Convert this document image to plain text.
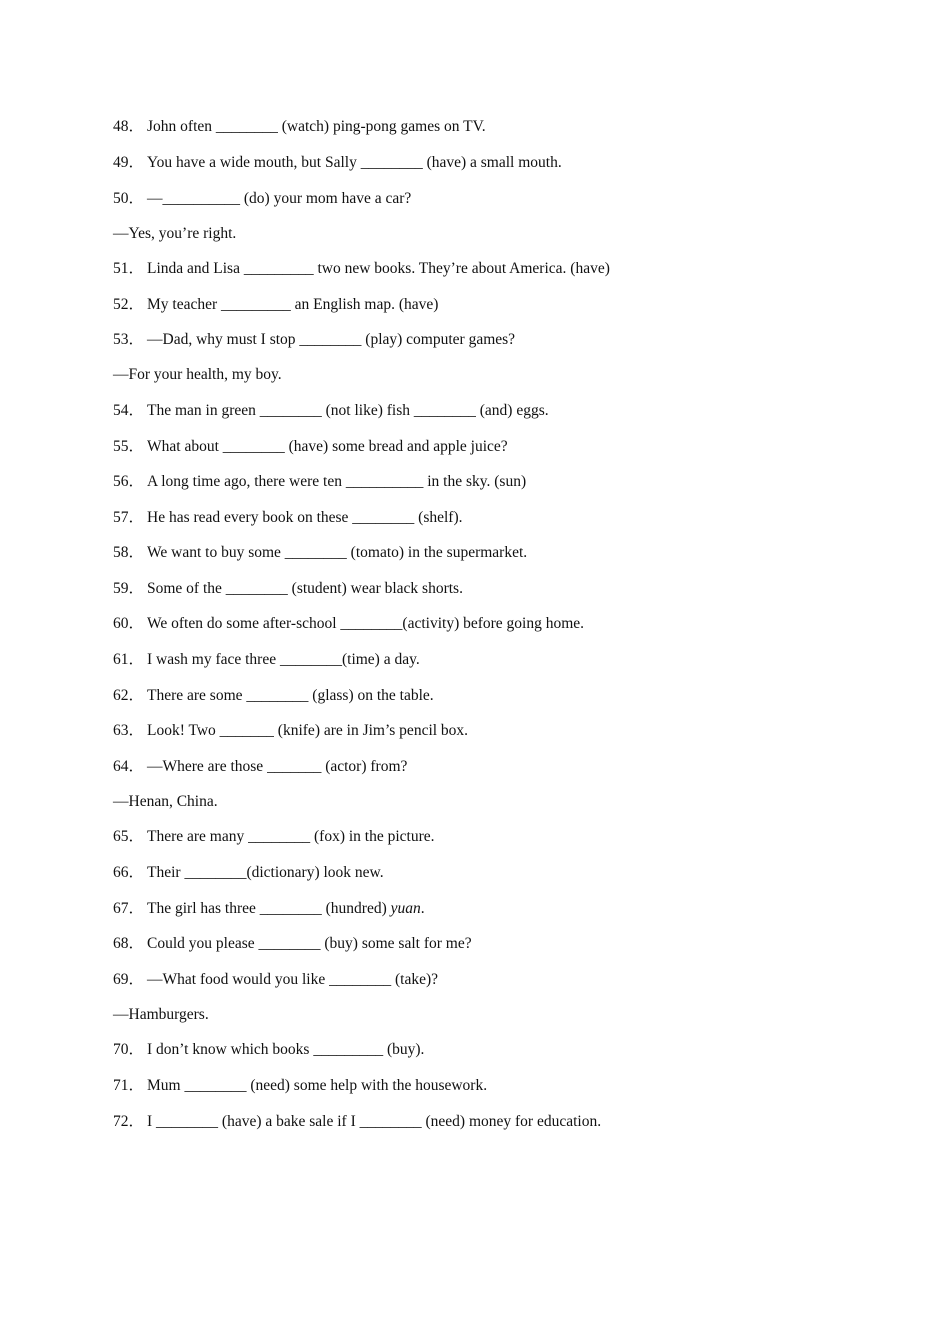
48． John often ________ (watch) ping-pong games on TV.
49． You have a wide mouth, but Sally ________ (have) a small mouth.
50． —__________ (do) your mom have a car?
—Yes, you’re right.
51． Linda and Lisa _________ two new books. They’re about America. (have)
52． My teacher _________ an English map. (have)
53． —Dad, why must I stop ________ (play) computer games?
—For your health, my boy.
54． The man in green ________ (not like) fish ________ (and) eggs.
55． What about ________ (have) some bread and apple juice?
56． A long time ago, there were ten __________ in the sky. (sun)
57． He has read every book on these ________ (shelf).
58． We want to buy some ________ (tomato) in the supermarket.
59． Some of the ________ (student) wear black shorts.
60． We often do some after-school ________(activity) before going home.
61． I wash my face three ________(time) a day.
62． There are some ________ (glass) on the table.
63． Look! Two _______ (knife) are in Jim’s pencil box.
64． —Where are those _______ (actor) from?
—Henan, China.
65． There are many ________ (fox) in the picture.
66． Their ________(dictionary) look new.
67． The girl has three ________ (hundred) yuan.
68． Could you please ________ (buy) some salt for me?
69． —What food would you like ________ (take)?
—Hamburgers.
70． I don’t know which books _________ (buy).
71． Mum ________ (need) some help with the housework.
72． I ________ (have) a bake sale if I ________ (need) money for education.
